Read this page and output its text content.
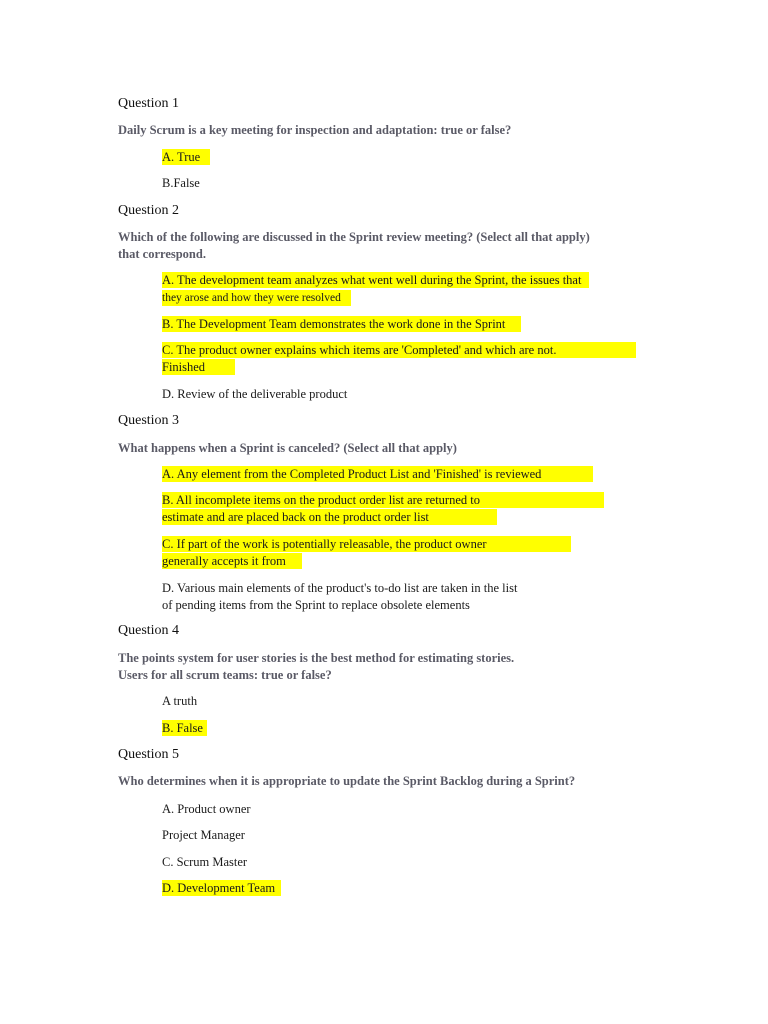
Question 1
Daily Scrum is a key meeting for inspection and adaptation: true or false?
A. True
B.False
Question 2
Which of the following are discussed in the Sprint review meeting? (Select all that apply)
that correspond.
A. The development team analyzes what went well during the Sprint, the issues that
they arose and how they were resolved
B. The Development Team demonstrates the work done in the Sprint
C. The product owner explains which items are 'Completed' and which are not.
Finished
D. Review of the deliverable product
Question 3
What happens when a Sprint is canceled? (Select all that apply)
A. Any element from the Completed Product List and 'Finished' is reviewed
B. All incomplete items on the product order list are returned to
estimate and are placed back on the product order list
C. If part of the work is potentially releasable, the product owner
generally accepts it from
D. Various main elements of the product's to-do list are taken in the list
of pending items from the Sprint to replace obsolete elements
Question 4
The points system for user stories is the best method for estimating stories.
Users for all scrum teams: true or false?
A truth
B. False
Question 5
Who determines when it is appropriate to update the Sprint Backlog during a Sprint?
A. Product owner
Project Manager
C. Scrum Master
D. Development Team
